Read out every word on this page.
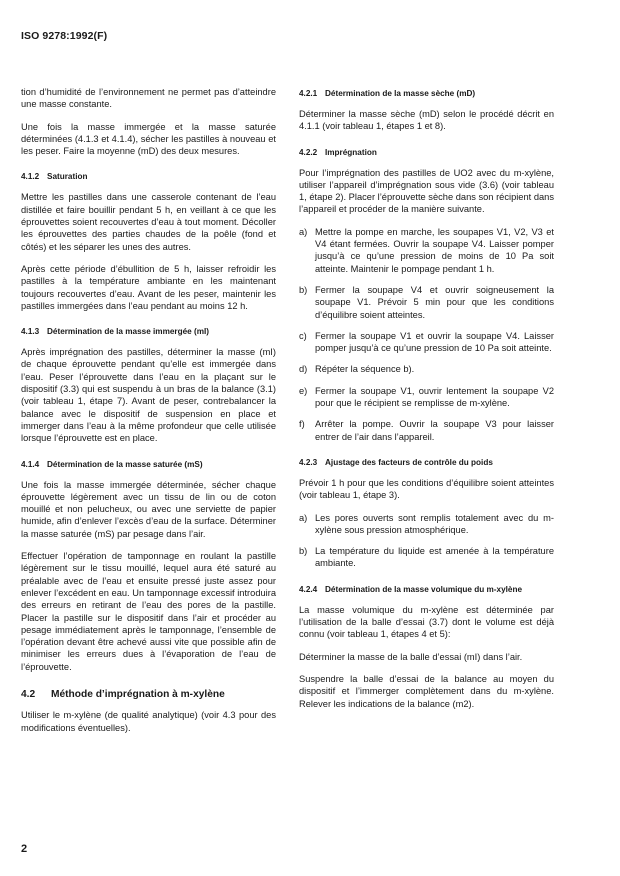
ISO 9278:1992(F)

tion d’humidité de l’environnement ne permet pas d’atteindre une masse constante.

Une fois la masse immergée et la masse saturée déterminées (4.1.3 et 4.1.4), sécher les pastilles à nouveau et les peser. Faire la moyenne (mD) des deux mesures.

4.1.2 Saturation

Mettre les pastilles dans une casserole contenant de l’eau distillée et faire bouillir pendant 5 h, en veillant à ce que les éprouvettes soient recouvertes d’eau à tout moment. Décoller les éprouvettes des parties chaudes de la poêle (fond et côtés) et les séparer les unes des autres.

Après cette période d’ébullition de 5 h, laisser refroidir les pastilles à la température ambiante en les maintenant toujours recouvertes d’eau. Avant de les peser, maintenir les pastilles immergées dans l’eau pendant au moins 12 h.

4.1.3 Détermination de la masse immergée (mI)

Après imprégnation des pastilles, déterminer la masse (mI) de chaque éprouvette pendant qu’elle est immergée dans l’eau. Peser l’éprouvette dans l’eau en la plaçant sur le dispositif (3.3) qui est suspendu à un bras de la balance (3.1) (voir tableau 1, étape 7). Avant de peser, contrebalancer la balance avec le dispositif de suspension en place et immerger dans l’eau à la même profondeur que celle utilisée lorsque l’éprouvette est en place.

4.1.4 Détermination de la masse saturée (mS)

Une fois la masse immergée déterminée, sécher chaque éprouvette légèrement avec un tissu de lin ou de coton mouillé et non pelucheux, ou avec une serviette de papier humide, afin d’enlever l’excès d’eau de la surface. Déterminer la masse saturée (mS) par pesage dans l’air.

Effectuer l’opération de tamponnage en roulant la pastille légèrement sur le tissu mouillé, lequel aura été saturé au préalable avec de l’eau et ensuite pressé juste assez pour enlever l’excédent en eau. Un tamponnage excessif introduira des erreurs en retirant de l’eau des pores de la pastille. Placer la pastille sur le dispositif dans l’air et procéder au pesage immédiatement après le tamponnage, l’ensemble de l’opération devant être achevé aussi vite que possible afin de minimiser les erreurs dues à l’évaporation de l’eau de l’éprouvette.

4.2 Méthode d’imprégnation à m-xylène

Utiliser le m-xylène (de qualité analytique) (voir 4.3 pour des modifications éventuelles).

4.2.1 Détermination de la masse sèche (mD)

Déterminer la masse sèche (mD) selon le procédé décrit en 4.1.1 (voir tableau 1, étapes 1 et 8).

4.2.2 Imprégnation

Pour l’imprégnation des pastilles de UO2 avec du m-xylène, utiliser l’appareil d’imprégnation sous vide (3.6) (voir tableau 1, étape 2). Placer l’éprouvette sèche dans son récipient dans l’appareil et procéder de la manière suivante.

a) Mettre la pompe en marche, les soupapes V1, V2, V3 et V4 étant fermées. Ouvrir la soupape V4. Laisser pomper jusqu’à ce qu’une pression de moins de 10 Pa soit atteinte. Maintenir le pompage pendant 1 h.
b) Fermer la soupape V4 et ouvrir soigneusement la soupape V1. Prévoir 5 min pour que les conditions d’équilibre soient atteintes.
c) Fermer la soupape V1 et ouvrir la soupape V4. Laisser pomper jusqu’à ce qu’une pression de 10 Pa soit atteinte.
d) Répéter la séquence b).
e) Fermer la soupape V1, ouvrir lentement la soupape V2 pour que le récipient se remplisse de m-xylène.
f) Arrêter la pompe. Ouvrir la soupape V3 pour laisser entrer de l’air dans l’appareil.
4.2.3 Ajustage des facteurs de contrôle du poids

Prévoir 1 h pour que les conditions d’équilibre soient atteintes (voir tableau 1, étape 3).

a) Les pores ouverts sont remplis totalement avec du m-xylène sous pression atmosphérique.
b) La température du liquide est amenée à la température ambiante.
4.2.4 Détermination de la masse volumique du m-xylène

La masse volumique du m-xylène est déterminée par l’utilisation de la balle d’essai (3.7) dont le volume est déjà connu (voir tableau 1, étapes 4 et 5):

Déterminer la masse de la balle d’essai (mI) dans l’air.

Suspendre la balle d’essai de la balance au moyen du dispositif et l’immerger complètement dans du m-xylène. Relever les indications de la balance (m2).

2
